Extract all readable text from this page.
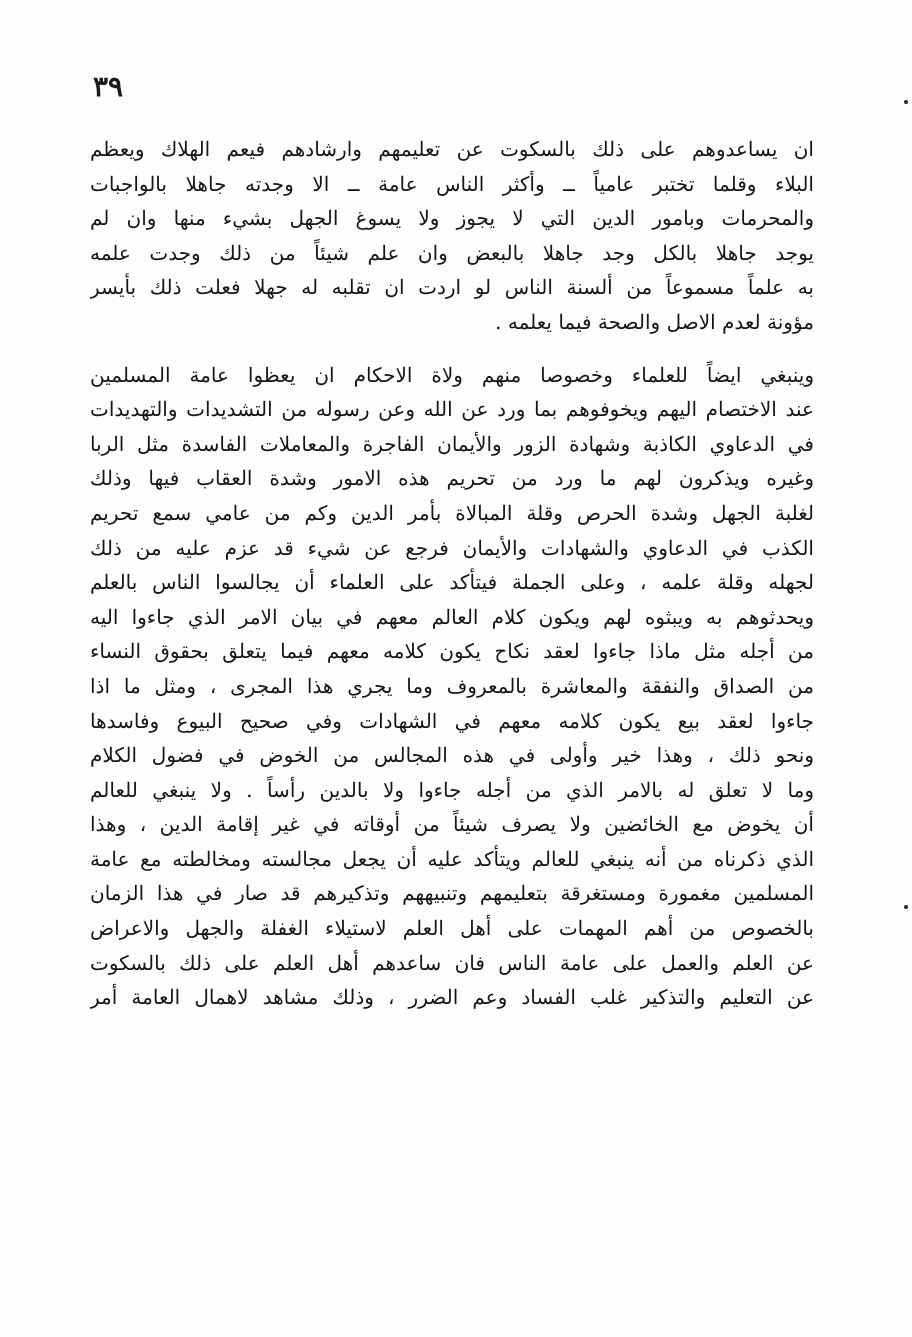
٣٩
ان يساعدوهم على ذلك بالسكوت عن تعليمهم وارشادهم فيعم الهلاك ويعظم
البلاء وقلما تختبر عامياً ــ وأكثر الناس عامة ــ الا وجدته جاهلا بالواجبات
والمحرمات وبامور الدين التي لا يجوز ولا يسوغ الجهل بشيء منها وان لم
يوجد جاهلا بالكل وجد جاهلا بالبعض وان علم شيئاً من ذلك وجدت علمه
به علماً مسموعاً من ألسنة الناس لو اردت ان تقلبه له جهلا فعلت ذلك بأيسر
مؤونة لعدم الاصل والصحة فيما يعلمه .
وينبغي ايضاً للعلماء وخصوصا منهم ولاة الاحكام ان يعظوا عامة المسلمين
عند الاختصام اليهم ويخوفوهم بما ورد عن الله وعن رسوله من التشديدات والتهديدات
في الدعاوي الكاذبة وشهادة الزور والأيمان الفاجرة والمعاملات الفاسدة مثل الربا
وغيره ويذكرون لهم ما ورد من تحريم هذه الامور وشدة العقاب فيها وذلك
لغلبة الجهل وشدة الحرص وقلة المبالاة بأمر الدين وكم من عامي سمع تحريم
الكذب في الدعاوي والشهادات والأيمان فرجع عن شيء قد عزم عليه من ذلك
لجهله وقلة علمه ، وعلى الجملة فيتأكد على العلماء أن يجالسوا الناس بالعلم
ويحدثوهم به ويبثوه لهم ويكون كلام العالم معهم في بيان الامر الذي جاءوا اليه
من أجله مثل ماذا جاءوا لعقد نكاح يكون كلامه معهم فيما يتعلق بحقوق النساء
من الصداق والنفقة والمعاشرة بالمعروف وما يجري هذا المجرى ، ومثل ما اذا
جاءوا لعقد بيع يكون كلامه معهم في الشهادات وفي صحيح البيوع وفاسدها
ونحو ذلك ، وهذا خير وأولى في هذه المجالس من الخوض في فضول الكلام
وما لا تعلق له بالامر الذي من أجله جاءوا ولا بالدين رأساً . ولا ينبغي للعالم
أن يخوض مع الخائضين ولا يصرف شيئاً من أوقاته في غير إقامة الدين ، وهذا
الذي ذكرناه من أنه ينبغي للعالم ويتأكد عليه أن يجعل مجالسته ومخالطته مع عامة
المسلمين مغمورة ومستغرقة بتعليمهم وتنبيههم وتذكيرهم قد صار في هذا الزمان
بالخصوص من أهم المهمات على أهل العلم لاستيلاء الغفلة والجهل والاعراض
عن العلم والعمل على عامة الناس فان ساعدهم أهل العلم على ذلك بالسكوت
عن التعليم والتذكير غلب الفساد وعم الضرر ، وذلك مشاهد لاهمال العامة أمر
